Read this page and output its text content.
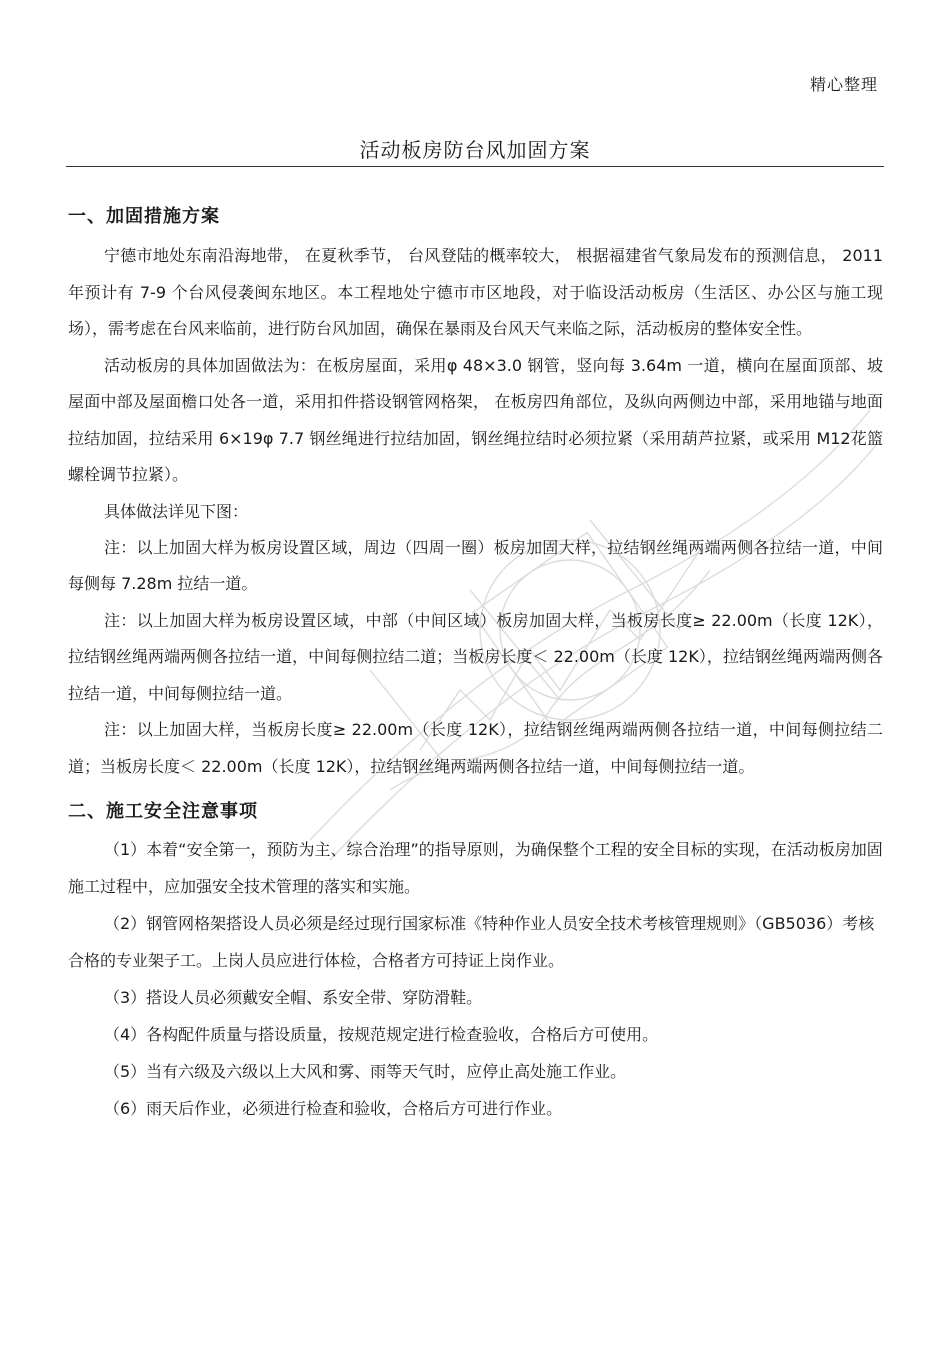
精心整理
活动板房防台风加固方案
一、加固措施方案

宁德市地处东南沿海地带， 在夏秋季节， 台风登陆的概率较大， 根据福建省气象局发布的预测信息， 2011 年预计有 7-9 个台风侵袭闽东地区。本工程地处宁德市市区地段，对于临设活动板房（生活区、办公区与施工现场），需考虑在台风来临前，进行防台风加固，确保在暴雨及台风天气来临之际，活动板房的整体安全性。

活动板房的具体加固做法为：在板房屋面，采用φ 48×3.0 钢管，竖向每 3.64m 一道，横向在屋面顶部、坡屋面中部及屋面檐口处各一道，采用扣件搭设钢管网格架， 在板房四角部位，及纵向两侧边中部，采用地锚与地面拉结加固，拉结采用 6×19φ 7.7 钢丝绳进行拉结加固，钢丝绳拉结时必须拉紧（采用葫芦拉紧，或采用 M12花篮螺栓调节拉紧）。

具体做法详见下图：

注：以上加固大样为板房设置区域，周边（四周一圈）板房加固大样，拉结钢丝绳两端两侧各拉结一道，中间每侧每 7.28m 拉结一道。

注：以上加固大样为板房设置区域，中部（中间区域）板房加固大样，当板房长度≥ 22.00m（长度 12K），拉结钢丝绳两端两侧各拉结一道，中间每侧拉结二道；当板房长度＜ 22.00m（长度 12K），拉结钢丝绳两端两侧各拉结一道，中间每侧拉结一道。

注：以上加固大样，当板房长度≥ 22.00m（长度 12K），拉结钢丝绳两端两侧各拉结一道，中间每侧拉结二道；当板房长度＜ 22.00m（长度 12K），拉结钢丝绳两端两侧各拉结一道，中间每侧拉结一道。

二、施工安全注意事项

（1）本着“安全第一，预防为主、综合治理”的指导原则，为确保整个工程的安全目标的实现，在活动板房加固施工过程中，应加强安全技术管理的落实和实施。

（2）钢管网格架搭设人员必须是经过现行国家标准《特种作业人员安全技术考核管理规则》（GB5036）考核合格的专业架子工。上岗人员应进行体检，合格者方可持证上岗作业。

（3）搭设人员必须戴安全帽、系安全带、穿防滑鞋。

（4）各构配件质量与搭设质量，按规范规定进行检查验收，合格后方可使用。

（5）当有六级及六级以上大风和雾、雨等天气时，应停止高处施工作业。

（6）雨天后作业，必须进行检查和验收，合格后方可进行作业。
